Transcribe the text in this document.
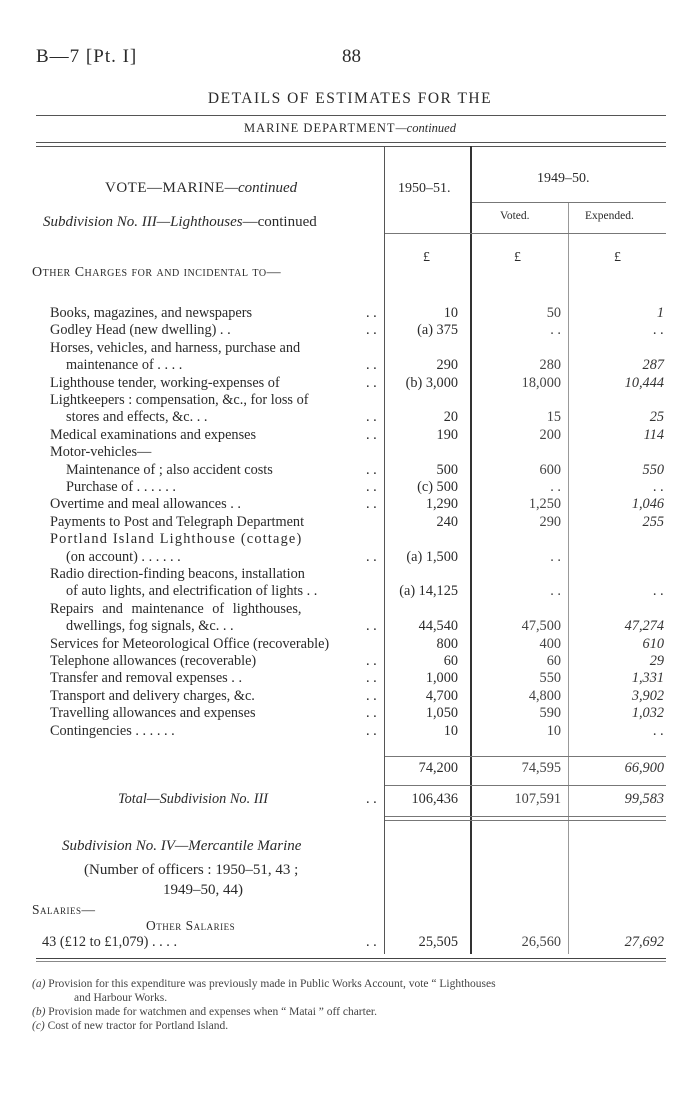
B—7 [Pt. I]	88
DETAILS OF ESTIMATES FOR THE
MARINE DEPARTMENT—continued
VOTE—MARINE—continued
Subdivision No. III—Lighthouses—continued
1950–51.
1949–50.
Voted.	Expended.
£	£	£
Other Charges for and incidental to—
Books, magazines, and newspapers	. .	10	50	1
Godley Head (new dwelling) . .	. .	(a) 375	. .	. .
Horses, vehicles, and harness, purchase and
maintenance of . . . .	. .	290	280	287
Lighthouse tender, working-expenses of	. . (b) 3,000	18,000	10,444
Lightkeepers : compensation, &c., for loss of
stores and effects, &c. . .	. .	20	15	25
Medical examinations and expenses	. .	190	200	114
Motor-vehicles—
Maintenance of ; also accident costs	. .	500	600	550
Purchase of . . . . . .	. .	(c) 500	. .	. .
Overtime and meal allowances . .	. .	1,290	1,250	1,046
Payments to Post and Telegraph Department	240	290	255
Portland Island Lighthouse (cottage)
(on account) . . . . . .	. . (a) 1,500	. .
Radio direction-finding beacons, installation
of auto lights, and electrification of lights . .	(a) 14,125	. .	. .
Repairs and maintenance of lighthouses,
dwellings, fog signals, &c. . .	. .	44,540	47,500	47,274
Services for Meteorological Office (recoverable)	800	400	610
Telephone allowances (recoverable)	. .	60	60	29
Transfer and removal expenses . .	. .	1,000	550	1,331
Transport and delivery charges, &c.	. .	4,700	4,800	3,902
Travelling allowances and expenses	. .	1,050	590	1,032
Contingencies . . . . . .	. .	10	10	. .
74,200	74,595	66,900
Total—Subdivision No. III	. . 106,436	107,591	99,583
Subdivision No. IV—Mercantile Marine
(Number of officers : 1950–51, 43 ;
1949–50, 44)
Salaries—
Other Salaries
43 (£12 to £1,079) . . . .	. .	25,505	26,560	27,692
(a) Provision for this expenditure was previously made in Public Works Account, vote “ Lighthouses
and Harbour Works.
(b) Provision made for watchmen and expenses when “ Matai ” off charter.
(c) Cost of new tractor for Portland Island.
